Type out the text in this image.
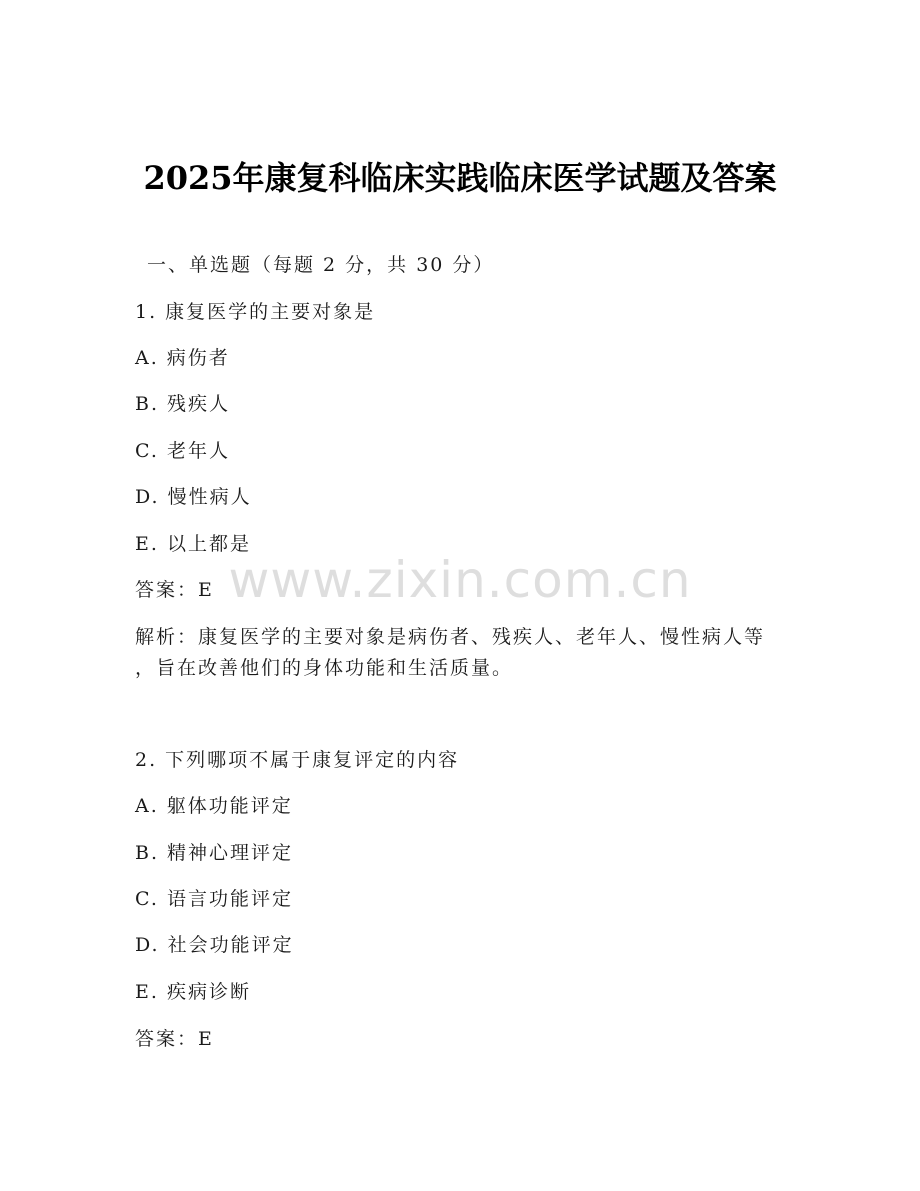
2025年康复科临床实践临床医学试题及答案
一、单选题（每题 2 分，共 30 分）
1. 康复医学的主要对象是
A. 病伤者
B. 残疾人
C. 老年人
D. 慢性病人
E. 以上都是
答案：E
解析：康复医学的主要对象是病伤者、残疾人、老年人、慢性病人等
，旨在改善他们的身体功能和生活质量。
2. 下列哪项不属于康复评定的内容
A. 躯体功能评定
B. 精神心理评定
C. 语言功能评定
D. 社会功能评定
E. 疾病诊断
答案：E
www.zixin.com.cn
